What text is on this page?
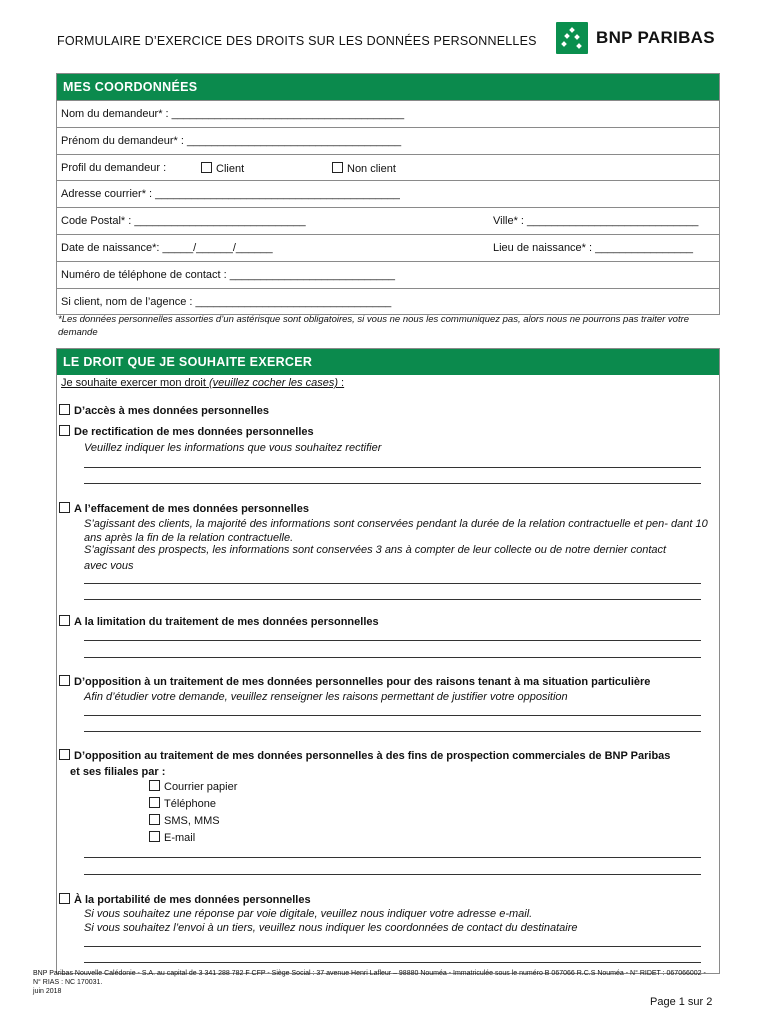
FORMULAIRE D’EXERCICE DES DROITS SUR LES DONNÉES PERSONNELLES	BNP PARIBAS
MES COORDONNÉES
Nom du demandeur* : ______________________________________
Prénom du demandeur* : ___________________________________
Profil du demandeur :	Client	Non client
Adresse courrier* : ________________________________________
Code Postal* : ____________________________	Ville* : ____________________________
Date de naissance*: _____/______/______	Lieu de naissance* : ________________
Numéro de téléphone de contact : ___________________________
Si client, nom de l’agence : ________________________________
*Les données personnelles assorties d’un astérisque sont obligatoires, si vous ne nous les communiquez pas, alors nous ne pourrons pas traiter votre demande
LE DROIT QUE JE SOUHAITE EXERCER
Je souhaite exercer mon droit (veuillez cocher les cases) :
D’accès à mes données personnelles
De rectification de mes données personnelles
Veuillez indiquer les informations que vous souhaitez rectifier
A l’effacement de mes données personnelles
S’agissant des clients, la majorité des informations sont conservées pendant la durée de la relation contractuelle et pen- dant 10 ans après la fin de la relation contractuelle.
S’agissant des prospects, les informations sont conservées 3 ans à compter de leur collecte ou de notre dernier contact avec vous
A la limitation du traitement de mes données personnelles
D’opposition à un traitement de mes données personnelles pour des raisons tenant à ma situation particulière
Afin d’étudier votre demande, veuillez renseigner les raisons permettant de justifier votre opposition
D’opposition au traitement de mes données personnelles à des fins de prospection commerciales de BNP Paribas
et ses filiales par :
Courrier papier
Téléphone
SMS, MMS
E-mail
À la portabilité de mes données personnelles
Si vous souhaitez une réponse par voie digitale, veuillez nous indiquer votre adresse e-mail.
Si vous souhaitez l’envoi à un tiers, veuillez nous indiquer les coordonnées de contact du destinataire
BNP Paribas Nouvelle Calédonie - S.A. au capital de 3 341 288 782 F CFP - Siège Social : 37 avenue Henri Lafleur – 98880 Nouméa - Immatriculée sous le numéro B 067066 R.C.S Nouméa - N° RIDET : 067066002 - N° RIAS : NC 170031.
juin 2018
Page 1 sur 2
